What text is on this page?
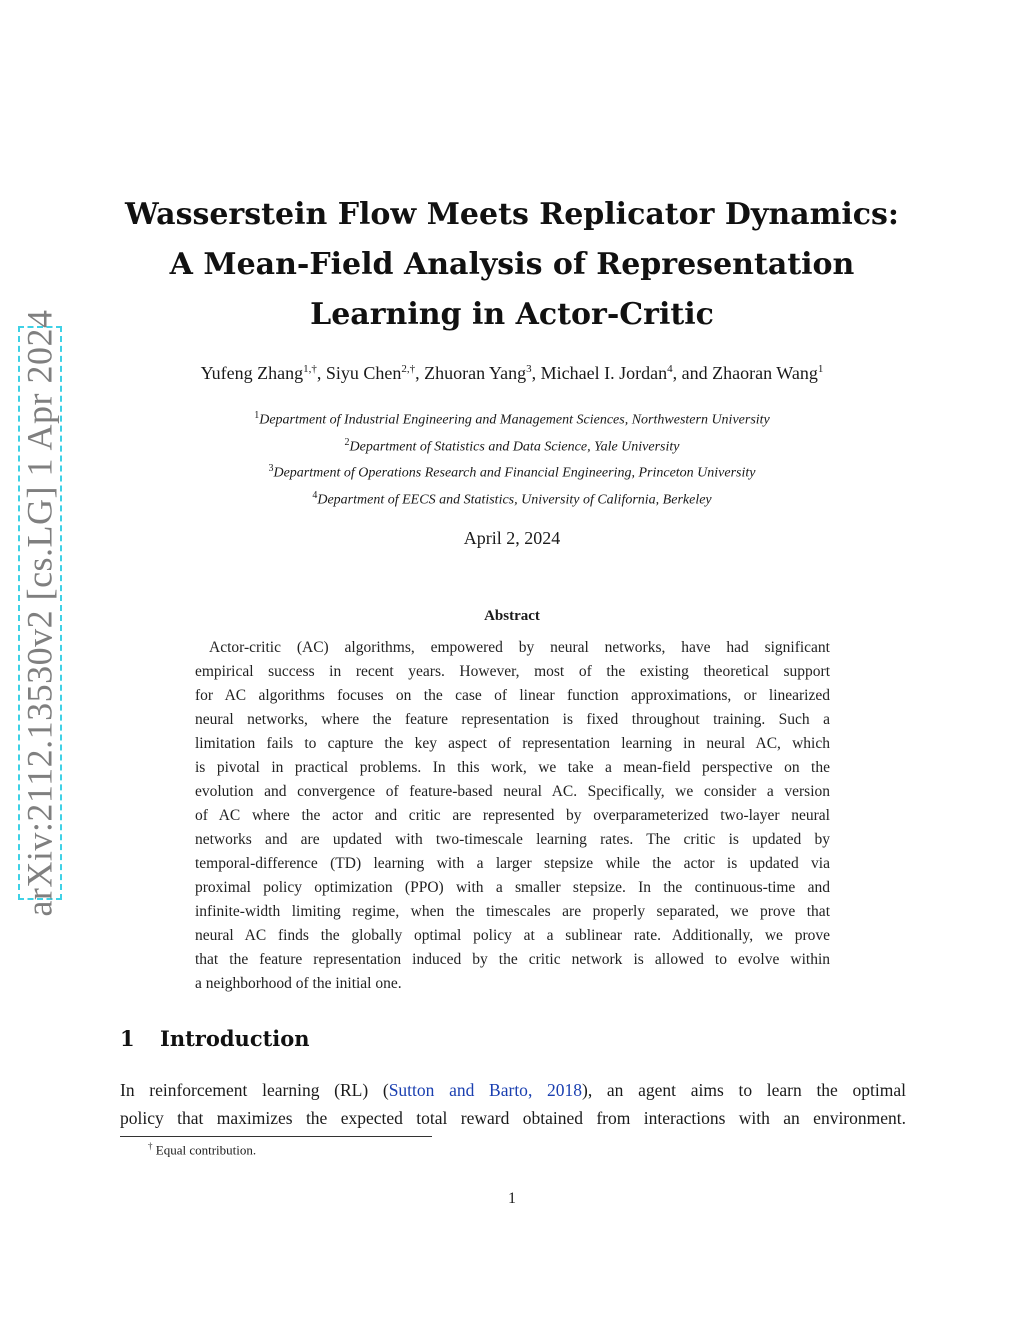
arXiv:2112.13530v2 [cs.LG] 1 Apr 2024
Wasserstein Flow Meets Replicator Dynamics:
A Mean-Field Analysis of Representation
Learning in Actor-Critic
Yufeng Zhang$^{1,\dagger}$, Siyu Chen$^{2,\dagger}$, Zhuoran Yang$^3$, Michael I. Jordan$^4$, and Zhaoran Wang$^1$
$^1$Department of Industrial Engineering and Management Sciences, Northwestern University
$^2$Department of Statistics and Data Science, Yale University
$^3$Department of Operations Research and Financial Engineering, Princeton University
$^4$Department of EECS and Statistics, University of California, Berkeley
April 2, 2024
Abstract
Actor-critic (AC) algorithms, empowered by neural networks, have had significant
empirical success in recent years. However, most of the existing theoretical support
for AC algorithms focuses on the case of linear function approximations, or linearized
neural networks, where the feature representation is fixed throughout training. Such a
limitation fails to capture the key aspect of representation learning in neural AC, which
is pivotal in practical problems. In this work, we take a mean-field perspective on the
evolution and convergence of feature-based neural AC. Specifically, we consider a version
of AC where the actor and critic are represented by overparameterized two-layer neural
networks and are updated with two-timescale learning rates. The critic is updated by
temporal-difference (TD) learning with a larger stepsize while the actor is updated via
proximal policy optimization (PPO) with a smaller stepsize. In the continuous-time and
infinite-width limiting regime, when the timescales are properly separated, we prove that
neural AC finds the globally optimal policy at a sublinear rate. Additionally, we prove
that the feature representation induced by the critic network is allowed to evolve within
a neighborhood of the initial one.
1 Introduction
In reinforcement learning (RL) (Sutton and Barto, 2018), an agent aims to learn the optimal
policy that maximizes the expected total reward obtained from interactions with an environment.
† Equal contribution.
1
